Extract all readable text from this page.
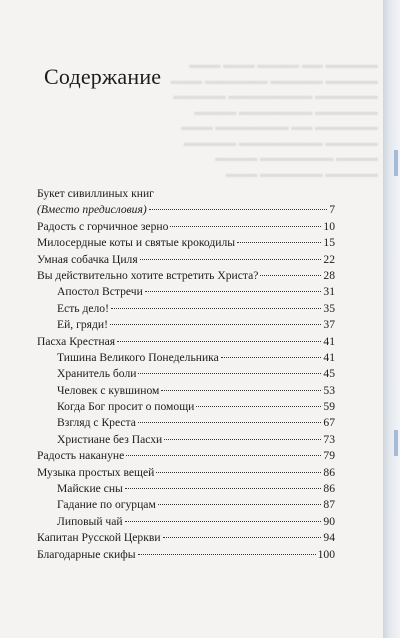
▬▬▬▬▬ ▬▬ ▬▬▬▬ ▬▬▬ ▬▬▬
▬▬▬▬▬ ▬▬▬▬▬ ▬▬▬▬▬▬ ▬▬▬
▬▬▬▬▬▬ ▬▬▬▬▬▬▬▬ ▬▬▬▬▬
▬▬▬▬▬▬ ▬▬▬▬▬▬▬ ▬▬▬▬
▬▬▬▬▬▬ ▬▬ ▬▬▬▬▬▬▬ ▬▬▬
▬▬▬▬▬ ▬▬▬▬▬▬▬▬ ▬▬▬▬▬
▬▬▬▬ ▬▬▬▬▬▬▬ ▬▬▬▬
▬▬▬▬▬ ▬▬▬▬▬▬ ▬▬▬
Содержание
Букет сивиллиных книг
(Вместо предисловия)	7
Радость с горчичное зерно	10
Милосердные коты и святые крокодилы	15
Умная собачка Циля	22
Вы действительно хотите встретить Христа?	28
Апостол Встречи	31
Есть дело!	35
Ей, гряди!	37
Пасха Крестная	41
Тишина Великого Понедельника	41
Хранитель боли	45
Человек с кувшином	53
Когда Бог просит о помощи	59
Взгляд с Креста	67
Христиане без Пасхи	73
Радость накануне	79
Музыка простых вещей	86
Майские сны	86
Гадание по огурцам	87
Липовый чай	90
Капитан Русской Церкви	94
Благодарные скифы	100
